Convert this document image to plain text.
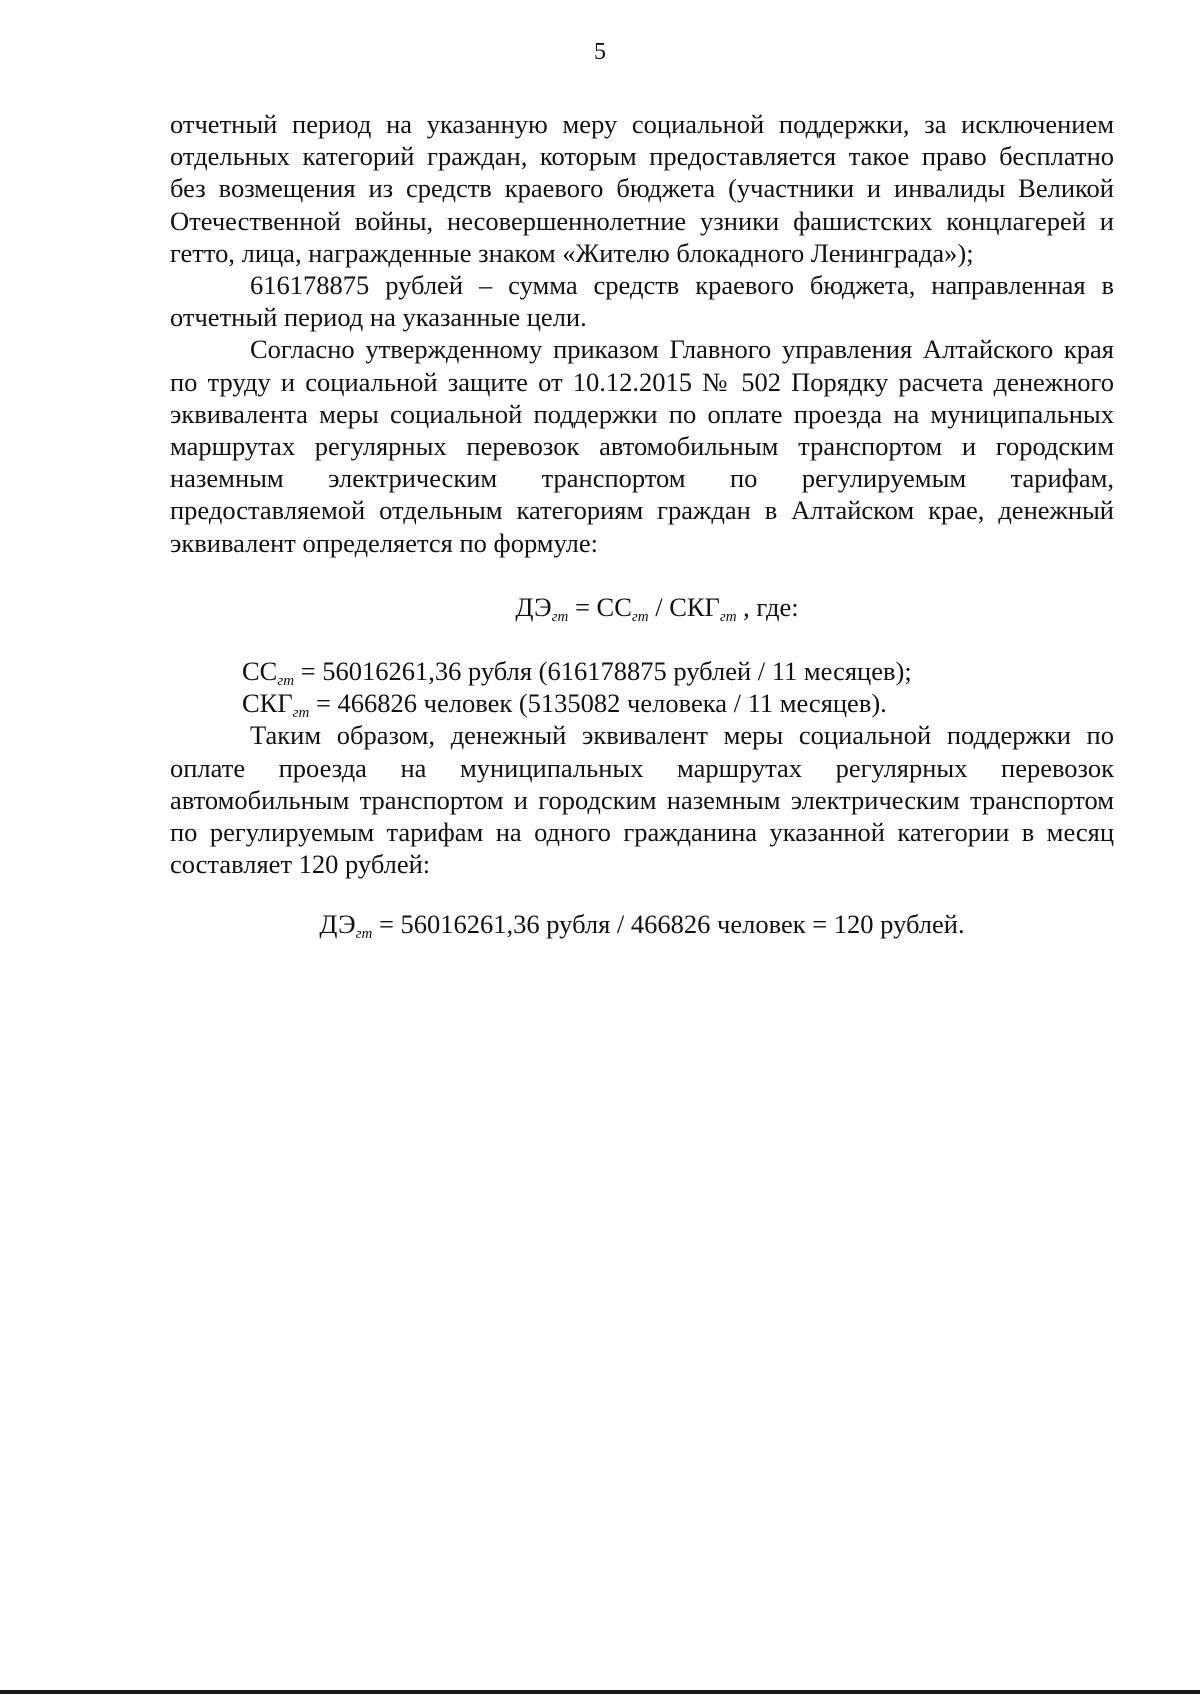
5

отчетный период на указанную меру социальной поддержки, за исключением отдельных категорий граждан, которым предоставляется такое право бесплатно без возмещения из средств краевого бюджета (участники и инвалиды Великой Отечественной войны, несовершеннолетние узники фашистских концлагерей и гетто, лица, награжденные знаком «Жителю блокадного Ленинграда»);

616178875 рублей – сумма средств краевого бюджета, направленная в отчетный период на указанные цели.

Согласно утвержденному приказом Главного управления Алтайского края по труду и социальной защите от 10.12.2015 № 502 Порядку расчета денежного эквивалента меры социальной поддержки по оплате проезда на муниципальных маршрутах регулярных перевозок автомобильным транспортом и городским наземным электрическим транспортом по регулируемым тарифам, предоставляемой отдельным категориям граждан в Алтайском крае, денежный эквивалент определяется по формуле:

$ДЭ_{гт} = СС_{гт} / СКГ_{гт}$ , где:

$СС_{гт} = 56016261,36$ рубля (616178875 рублей / 11 месяцев);

$СКГ_{гт} = 466826$ человек (5135082 человека / 11 месяцев).

Таким образом, денежный эквивалент меры социальной поддержки по оплате проезда на муниципальных маршрутах регулярных перевозок автомобильным транспортом и городским наземным электрическим транспортом по регулируемым тарифам на одного гражданина указанной категории в месяц составляет 120 рублей:

$ДЭ_{гт} = 56016261,36$ рубля / 466826 человек = 120 рублей.
